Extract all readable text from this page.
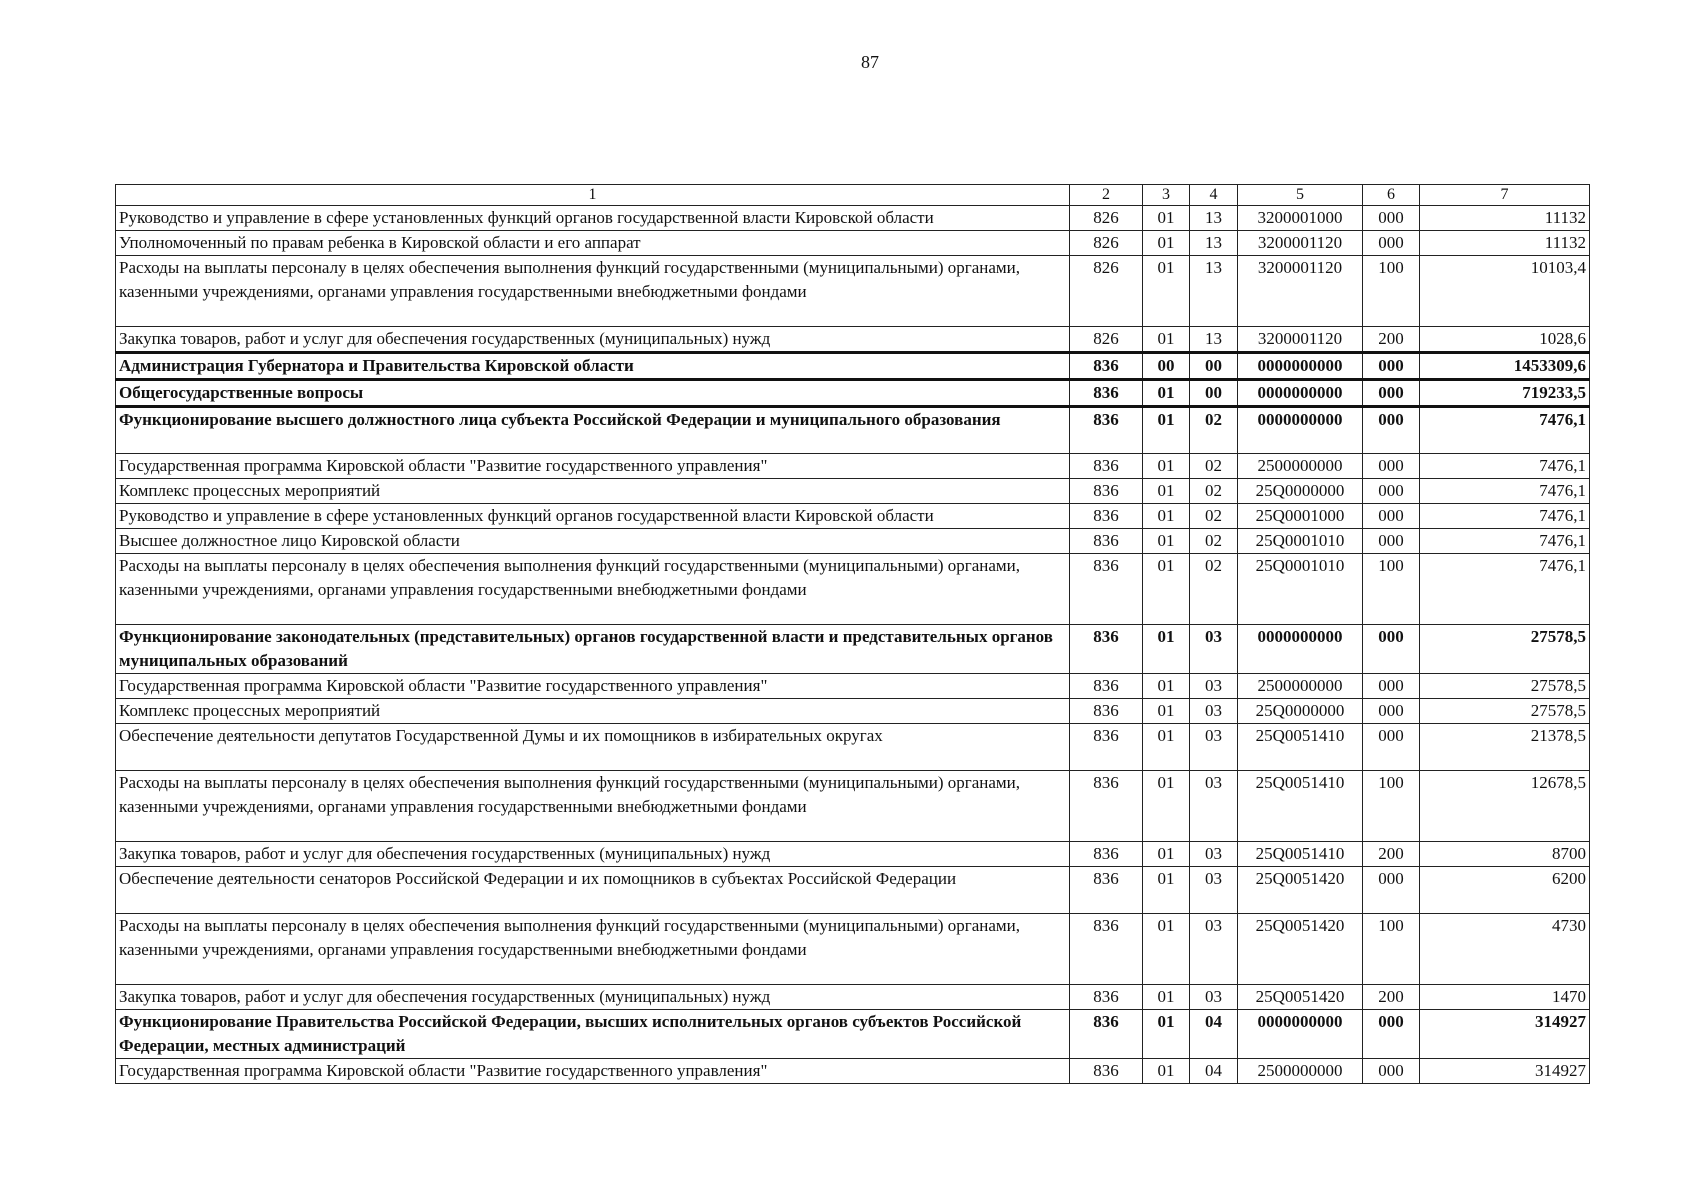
87
1	2	3	4	5	6	7
Руководство и управление в сфере установленных функций органов государственной власти Кировской области	826	01	13	3200001000	000	11132
Уполномоченный по правам ребенка в Кировской области и его аппарат	826	01	13	3200001120	000	11132
Расходы на выплаты персоналу в целях обеспечения выполнения функций государственными (муниципальными) органами, казенными учреждениями, органами управления государственными внебюджетными фондами	826	01	13	3200001120	100	10103,4
Закупка товаров, работ и услуг для обеспечения государственных (муниципальных) нужд	826	01	13	3200001120	200	1028,6
Администрация Губернатора и Правительства Кировской области	836	00	00	0000000000	000	1453309,6
Общегосударственные вопросы	836	01	00	0000000000	000	719233,5
Функционирование высшего должностного лица субъекта Российской Федерации и муниципального образования	836	01	02	0000000000	000	7476,1
Государственная программа Кировской области "Развитие государственного управления"	836	01	02	2500000000	000	7476,1
Комплекс процессных мероприятий	836	01	02	25Q0000000	000	7476,1
Руководство и управление в сфере установленных функций органов государственной власти Кировской области	836	01	02	25Q0001000	000	7476,1
Высшее должностное лицо Кировской области	836	01	02	25Q0001010	000	7476,1
Расходы на выплаты персоналу в целях обеспечения выполнения функций государственными (муниципальными) органами, казенными учреждениями, органами управления государственными внебюджетными фондами	836	01	02	25Q0001010	100	7476,1
Функционирование законодательных (представительных) органов государственной власти и представительных органов муниципальных образований	836	01	03	0000000000	000	27578,5
Государственная программа Кировской области "Развитие государственного управления"	836	01	03	2500000000	000	27578,5
Комплекс процессных мероприятий	836	01	03	25Q0000000	000	27578,5
Обеспечение деятельности депутатов Государственной Думы и их помощников в избирательных округах	836	01	03	25Q0051410	000	21378,5
Расходы на выплаты персоналу в целях обеспечения выполнения функций государственными (муниципальными) органами, казенными учреждениями, органами управления государственными внебюджетными фондами	836	01	03	25Q0051410	100	12678,5
Закупка товаров, работ и услуг для обеспечения государственных (муниципальных) нужд	836	01	03	25Q0051410	200	8700
Обеспечение деятельности сенаторов Российской Федерации и их помощников в субъектах Российской Федерации	836	01	03	25Q0051420	000	6200
Расходы на выплаты персоналу в целях обеспечения выполнения функций государственными (муниципальными) органами, казенными учреждениями, органами управления государственными внебюджетными фондами	836	01	03	25Q0051420	100	4730
Закупка товаров, работ и услуг для обеспечения государственных (муниципальных) нужд	836	01	03	25Q0051420	200	1470
Функционирование Правительства Российской Федерации, высших исполнительных органов субъектов Российской Федерации, местных администраций	836	01	04	0000000000	000	314927
Государственная программа Кировской области "Развитие государственного управления"	836	01	04	2500000000	000	314927
